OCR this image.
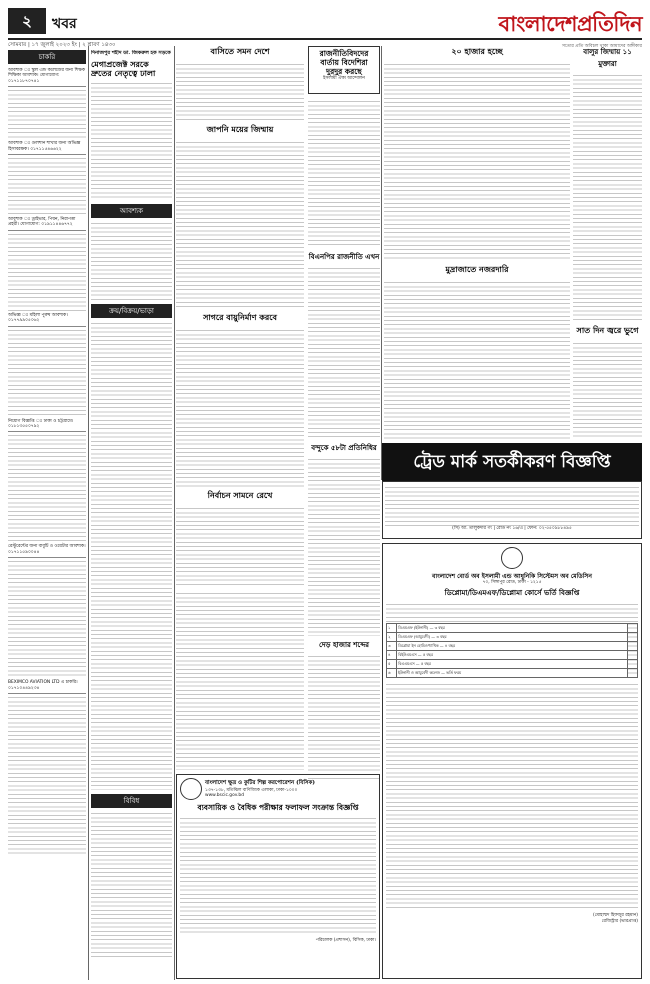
২	খবর	বাংলাদেশপ্রতিদিন
সত্যের প্রতি অবিচল থাকা আমাদের অঙ্গীকার
সোমবার | ১৭ জুলাই ২০২৩ ইং | ২ শ্রাবণ ১৪৩০
চাকরি
আবশ্যক ঃ স্কুল এন্ড কলেজের জন্য শিক্ষক শিক্ষিকা আবশ্যক। যোগাযোগ: ০১৭১১৮৭০৭৪১
আবশ্যক ঃ গুলশান শাখার জন্য অভিজ্ঞ হিসাবরক্ষক। ০১৭১১৫৪৬৬২২
আবশ্যক ঃ ড্রাইভার, পিয়ন, নিরাপত্তা প্রহরী। যোগাযোগ: ০১৯১১৪৪৬৭৭২
অভিজ্ঞ ঃ মহিলা পুরুষ আবশ্যক। ০১৭৭৯৯০৫০৬২
নিয়োগ বিজ্ঞপ্তি ঃ ঢাকা ও চট্টগ্রামে। ০১৮১৩৫৫০৭৯২
রেস্টুরেন্টের জন্য বাবুর্চি ও ওয়েটার আবশ্যক। ০১৭১১৫৯০০৪৪
BEXIMCO AVIATION LTD এ চাকরি। ০১৭১০৪৪৯২৩৪
দিনাজপুর শহীদ ডা. জিকরুল হক সড়কে
মেগাপ্রজেক্ট সরকে দ্রুতের নেতৃত্বে ঢালা
আবশ্যক
ক্রয়/বিক্রয়/ভাড়া
বিবিধ
বাসিতে সমন দেশে
জাপনি ময়ের জিম্মায়
সাগরে বায়ুনির্মাণ করবে
নির্বাচন সামনে রেখে
রাজনীতিবিদদের বার্তায় বিদেশিরা দুরদুর করছে
ইসলামী ঐক্য আন্দোলন
বিএনপির রাজনীতি এখন
২০ হাজার হচ্ছে
মুদ্রাজাতে নজরদারি
বালুর জিম্মায় ১১ মুক্তারা
সাত দিন জ্বরে ভুগে
ট্রেড মার্ক সতর্কীকরণ বিজ্ঞপ্তি
(সি) আ. তালুকদার গং | রোড নং ১৬/এ | ফোন: ০২-৫৫০৯৮৮৪৯৫
বন্দুকে ৫৮টা প্রতিনিধির
দেড় হাজার শব্দের
বাংলাদেশ বোর্ড অব ইসলামী এন্ড আধুনিকি সিস্টেমস অব মেডিসিন
৭০, সিঙ্গাপুর রোড, ঢাকা - ১২১৫
ডিপ্লোমা/ডিএমএফ/ডিপ্লোমা কোর্সে ভর্তি বিজ্ঞপ্তি
১	ডিএমএফ (ইউনানী) — ৩ বছর	
২	ডিএমএফ (আয়ুর্বেদী) — ৩ বছর	
৩	ডিপ্লোমা ইন হোমিওপ্যাথিক — ৪ বছর	
৪	বিইউএমএস — ৫ বছর	
৫	বিএএমএস — ৫ বছর	
৬	ইউনানী ও আয়ুর্বেদী কলেজ — ভর্তি ফরম	
(মোহাম্মদ হিফজুর রহমান)
রেজিস্ট্রার (ভারপ্রাপ্ত)
বাংলাদেশ ক্ষুদ্র ও কুটির শিল্প করপোরেশন (বিসিক)
১৩৭-১৩৮, মতিঝিল বাণিজ্যিক এলাকা, ঢাকা-১০০০
www.bscic.gov.bd
ব্যবসায়িক ও বৈধিক পরীক্ষার ফলাফল সংক্রান্ত বিজ্ঞপ্তি
পরিচালক (প্রশাসন), বিসিক, ঢাকা।
